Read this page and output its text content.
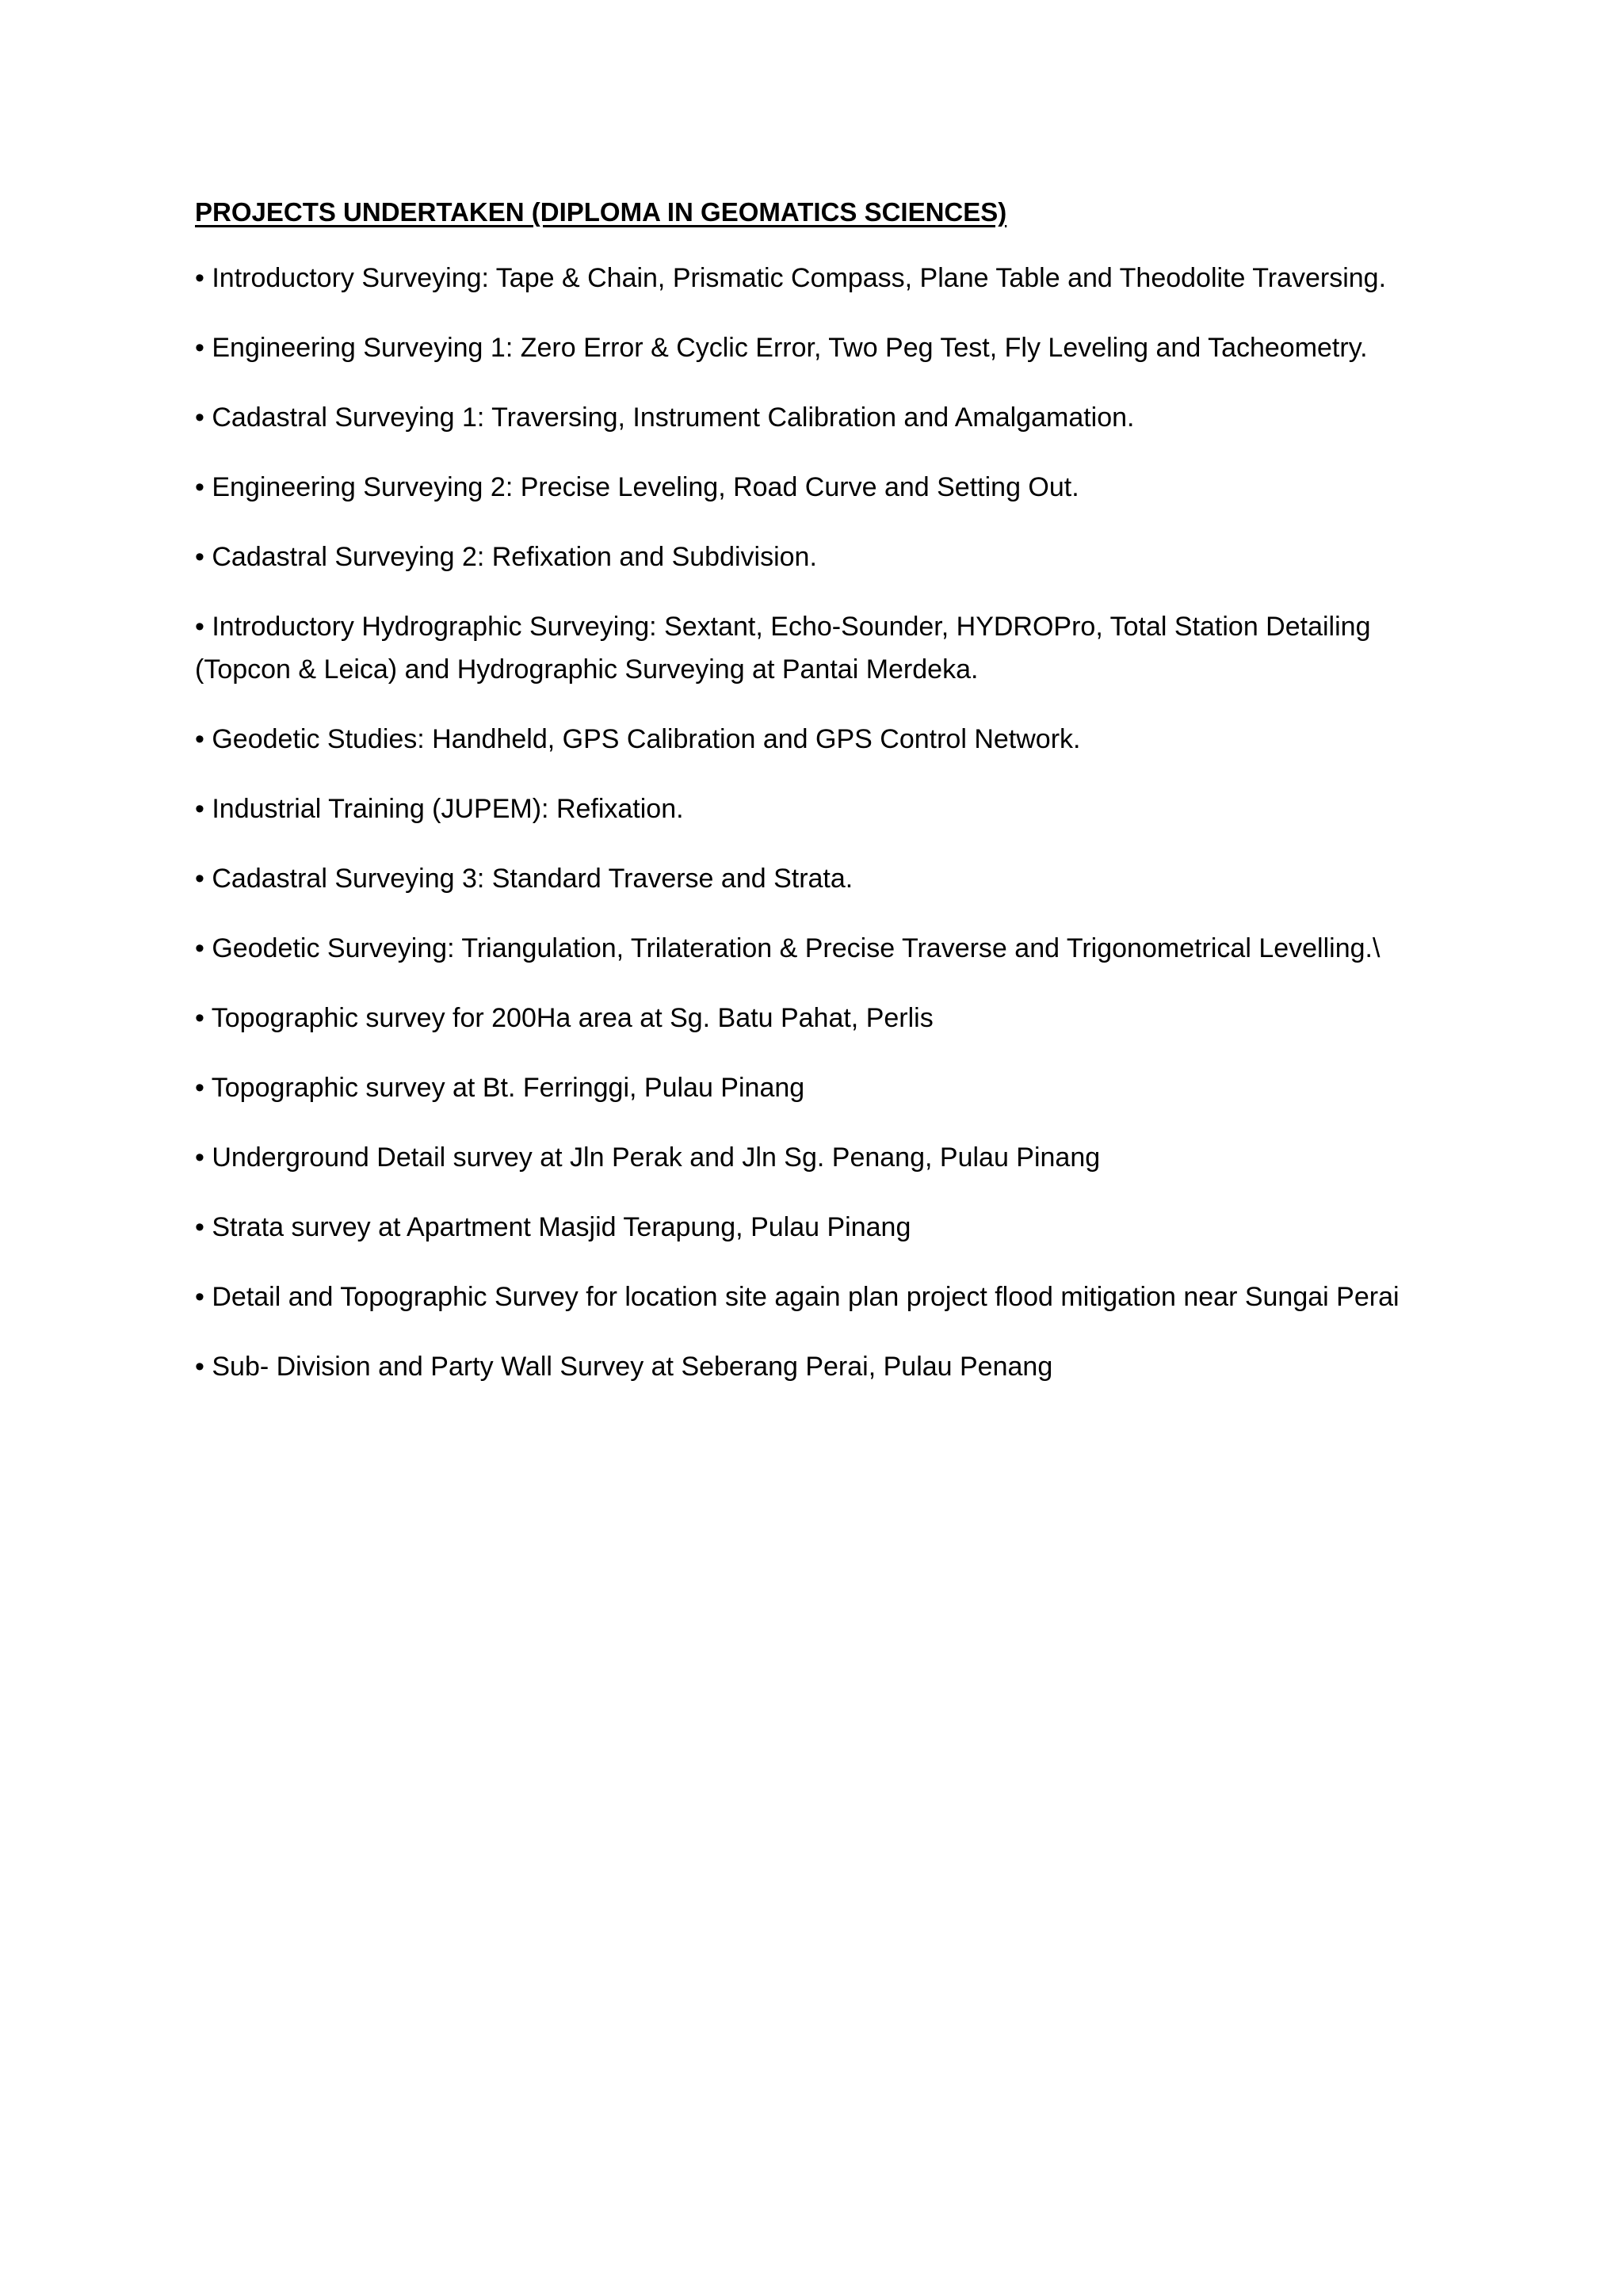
PROJECTS UNDERTAKEN (DIPLOMA IN GEOMATICS SCIENCES)
• Introductory Surveying: Tape & Chain, Prismatic Compass, Plane Table and Theodolite Traversing.
• Engineering Surveying 1: Zero Error & Cyclic Error, Two Peg Test, Fly Leveling and Tacheometry.
• Cadastral Surveying 1: Traversing, Instrument Calibration and Amalgamation.
• Engineering Surveying 2: Precise Leveling, Road Curve and Setting Out.
• Cadastral Surveying 2: Refixation and Subdivision.
• Introductory Hydrographic Surveying: Sextant, Echo-Sounder, HYDROPro, Total Station Detailing (Topcon & Leica) and Hydrographic Surveying at Pantai Merdeka.
• Geodetic Studies: Handheld, GPS Calibration and GPS Control Network.
• Industrial Training (JUPEM): Refixation.
• Cadastral Surveying 3: Standard Traverse and Strata.
• Geodetic Surveying: Triangulation, Trilateration & Precise Traverse and Trigonometrical Levelling.\
• Topographic survey for 200Ha area at Sg. Batu Pahat, Perlis
• Topographic survey at Bt. Ferringgi, Pulau Pinang
• Underground Detail survey at Jln Perak and Jln Sg. Penang, Pulau Pinang
• Strata survey at Apartment Masjid Terapung, Pulau Pinang
• Detail and Topographic Survey for location site again plan project flood mitigation near Sungai Perai
• Sub- Division and Party Wall Survey at Seberang Perai, Pulau Penang
